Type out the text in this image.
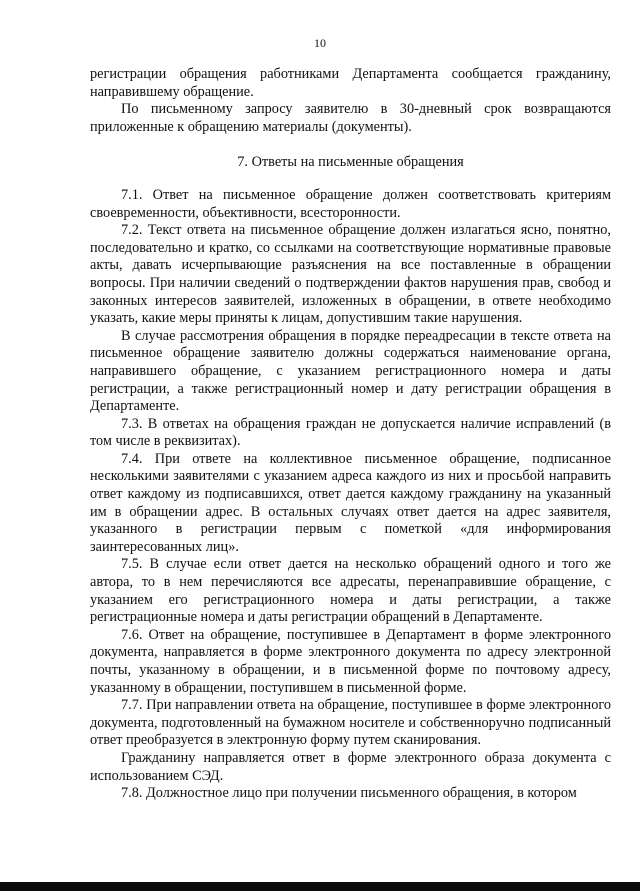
10

регистрации обращения работниками Департамента сообщается гражданину, направившему обращение.

По письменному запросу заявителю в 30-дневный срок возвращаются приложенные к обращению материалы (документы).

7. Ответы на письменные обращения

7.1. Ответ на письменное обращение должен соответствовать критериям своевременности, объективности, всесторонности.

7.2. Текст ответа на письменное обращение должен излагаться ясно, понятно, последовательно и кратко, со ссылками на соответствующие нормативные правовые акты, давать исчерпывающие разъяснения на все поставленные в обращении вопросы. При наличии сведений о подтверждении фактов нарушения прав, свобод и законных интересов заявителей, изложенных в обращении, в ответе необходимо указать, какие меры приняты к лицам, допустившим такие нарушения.

В случае рассмотрения обращения в порядке переадресации в тексте ответа на письменное обращение заявителю должны содержаться наименование органа, направившего обращение, с указанием регистрационного номера и даты регистрации, а также регистрационный номер и дату регистрации обращения в Департаменте.

7.3. В ответах на обращения граждан не допускается наличие исправлений (в том числе в реквизитах).

7.4. При ответе на коллективное письменное обращение, подписанное несколькими заявителями с указанием адреса каждого из них и просьбой направить ответ каждому из подписавшихся, ответ дается каждому гражданину на указанный им в обращении адрес. В остальных случаях ответ дается на адрес заявителя, указанного в регистрации первым с пометкой «для информирования заинтересованных лиц».

7.5. В случае если ответ дается на несколько обращений одного и того же автора, то в нем перечисляются все адресаты, перенаправившие обращение, с указанием его регистрационного номера и даты регистрации, а также регистрационные номера и даты регистрации обращений в Департаменте.

7.6. Ответ на обращение, поступившее в Департамент в форме электронного документа, направляется в форме электронного документа по адресу электронной почты, указанному в обращении, и в письменной форме по почтовому адресу, указанному в обращении, поступившем в письменной форме.

7.7. При направлении ответа на обращение, поступившее в форме электронного документа, подготовленный на бумажном носителе и собственноручно подписанный ответ преобразуется в электронную форму путем сканирования.

Гражданину направляется ответ в форме электронного образа документа с использованием СЭД.

7.8. Должностное лицо при получении письменного обращения, в котором
